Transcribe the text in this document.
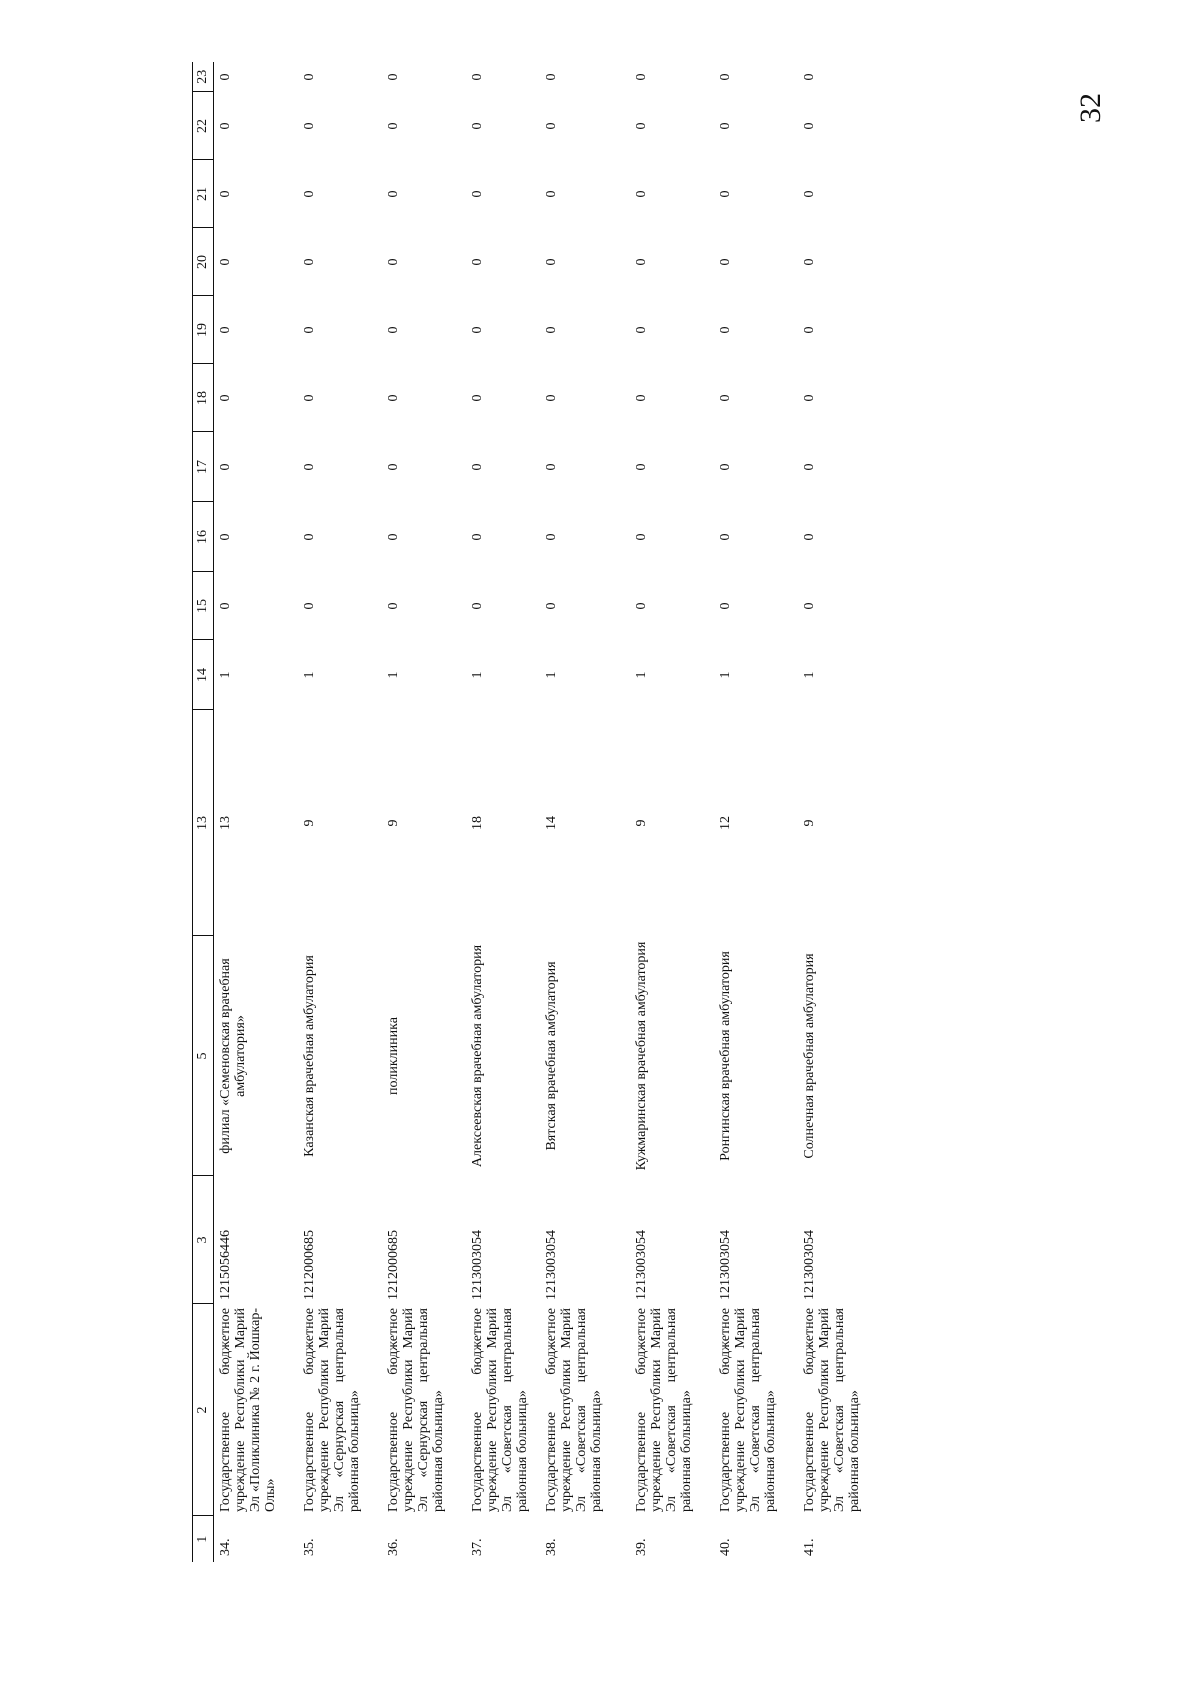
32
1	2	3	5	13	14	15	16	17	18	19	20	21	22	23
34.	Государственное бюджетное учреждение Республики Марий Эл «Поликлиника № 2 г. Йошкар-Олы»	1215056446	филиал «Семеновская врачебная амбулатория»	13	1	0	0	0	0	0	0	0	0	0
35.	Государственное бюджетное учреждение Республики Марий Эл «Сернурская центральная районная больница»	1212000685	Казанская врачебная амбулатория	9	1	0	0	0	0	0	0	0	0	0
36.	Государственное бюджетное учреждение Республики Марий Эл «Сернурская центральная районная больница»	1212000685	поликлиника	9	1	0	0	0	0	0	0	0	0	0
37.	Государственное бюджетное учреждение Республики Марий Эл «Советская центральная районная больница»	1213003054	Алексеевская врачебная амбулатория	18	1	0	0	0	0	0	0	0	0	0
38.	Государственное бюджетное учреждение Республики Марий Эл «Советская центральная районная больница»	1213003054	Вятская врачебная амбулатория	14	1	0	0	0	0	0	0	0	0	0
39.	Государственное бюджетное учреждение Республики Марий Эл «Советская центральная районная больница»	1213003054	Кужмаринская врачебная амбулатория	9	1	0	0	0	0	0	0	0	0	0
40.	Государственное бюджетное учреждение Республики Марий Эл «Советская центральная районная больница»	1213003054	Ронгинская врачебная амбулатория	12	1	0	0	0	0	0	0	0	0	0
41.	Государственное бюджетное учреждение Республики Марий Эл «Советская центральная районная больница»	1213003054	Солнечная врачебная амбулатория	9	1	0	0	0	0	0	0	0	0	0
